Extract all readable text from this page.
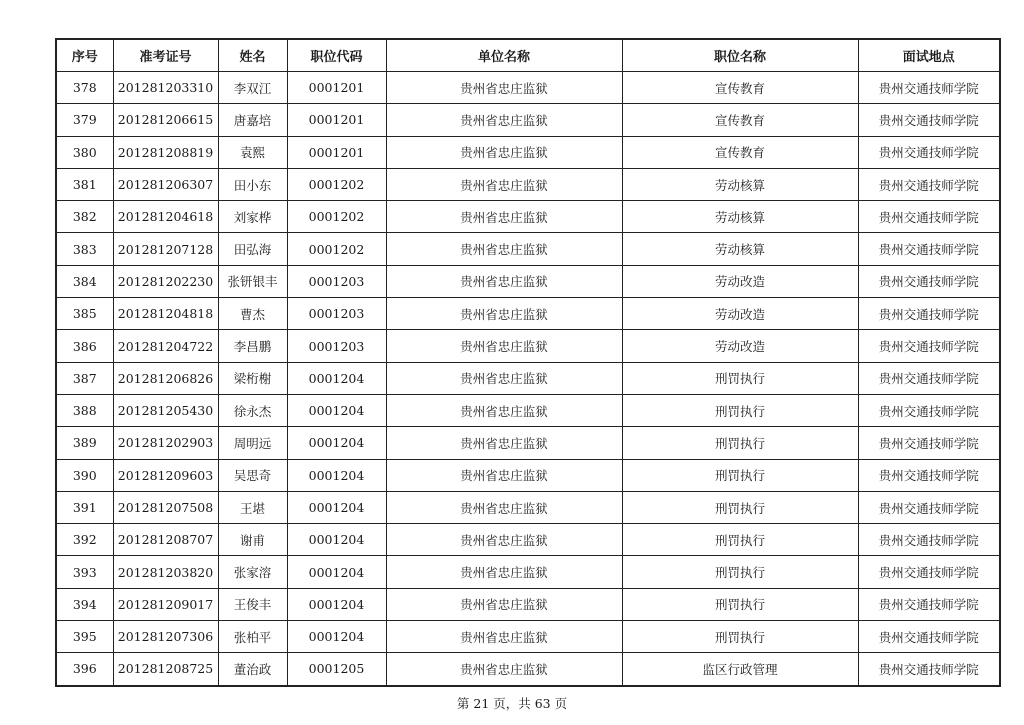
序号	准考证号	姓名	职位代码	单位名称	职位名称	面试地点
378	201281203310	李双江	0001201	贵州省忠庄监狱	宣传教育	贵州交通技师学院
379	201281206615	唐嘉培	0001201	贵州省忠庄监狱	宣传教育	贵州交通技师学院
380	201281208819	袁熙	0001201	贵州省忠庄监狱	宣传教育	贵州交通技师学院
381	201281206307	田小东	0001202	贵州省忠庄监狱	劳动核算	贵州交通技师学院
382	201281204618	刘家桦	0001202	贵州省忠庄监狱	劳动核算	贵州交通技师学院
383	201281207128	田弘海	0001202	贵州省忠庄监狱	劳动核算	贵州交通技师学院
384	201281202230	张钘银丰	0001203	贵州省忠庄监狱	劳动改造	贵州交通技师学院
385	201281204818	曹杰	0001203	贵州省忠庄监狱	劳动改造	贵州交通技师学院
386	201281204722	李昌鹏	0001203	贵州省忠庄监狱	劳动改造	贵州交通技师学院
387	201281206826	梁桁榭	0001204	贵州省忠庄监狱	刑罚执行	贵州交通技师学院
388	201281205430	徐永杰	0001204	贵州省忠庄监狱	刑罚执行	贵州交通技师学院
389	201281202903	周明远	0001204	贵州省忠庄监狱	刑罚执行	贵州交通技师学院
390	201281209603	吴思奇	0001204	贵州省忠庄监狱	刑罚执行	贵州交通技师学院
391	201281207508	王堪	0001204	贵州省忠庄监狱	刑罚执行	贵州交通技师学院
392	201281208707	谢甫	0001204	贵州省忠庄监狱	刑罚执行	贵州交通技师学院
393	201281203820	张家溶	0001204	贵州省忠庄监狱	刑罚执行	贵州交通技师学院
394	201281209017	王俊丰	0001204	贵州省忠庄监狱	刑罚执行	贵州交通技师学院
395	201281207306	张柏平	0001204	贵州省忠庄监狱	刑罚执行	贵州交通技师学院
396	201281208725	董治政	0001205	贵州省忠庄监狱	监区行政管理	贵州交通技师学院
第 21 页，共 63 页
